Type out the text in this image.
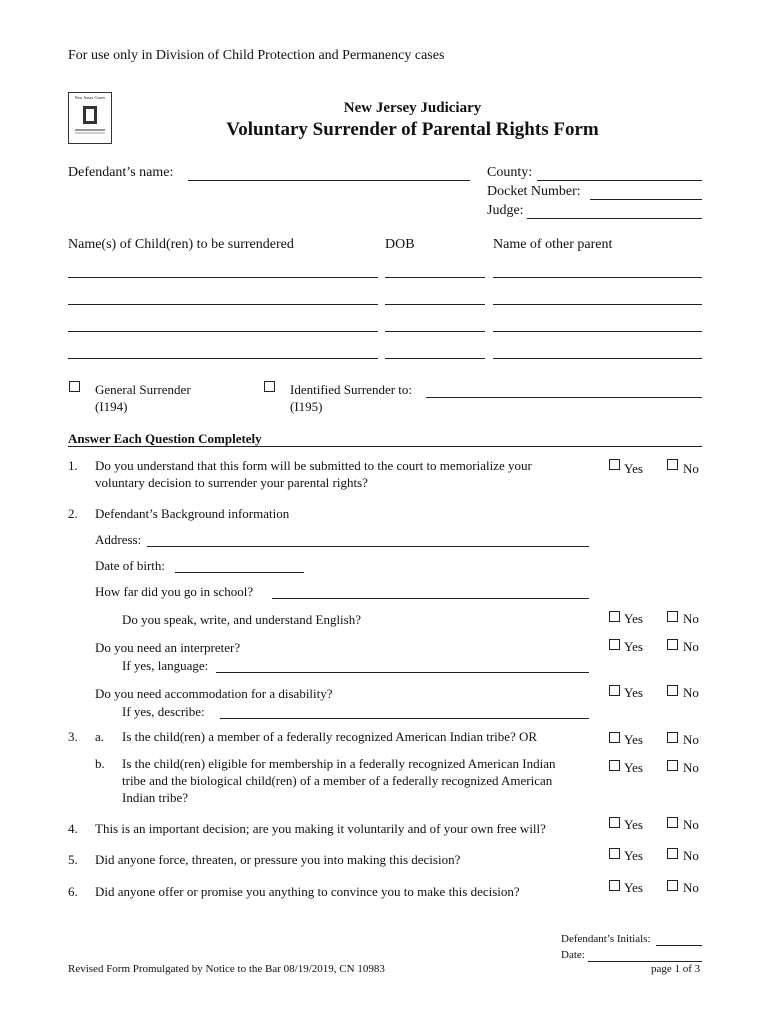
For use only in Division of Child Protection and Permanency cases
New Jersey Courts
New Jersey Judiciary
Voluntary Surrender of Parental Rights Form
Defendant’s name:	County:
Docket Number:
Judge:
Name(s) of Child(ren) to be surrendered	DOB	Name of other parent
General Surrender
(I194)
Identified Surrender to:
(I195)
Answer Each Question Completely
1. Do you understand that this form will be submitted to the court to memorialize your
voluntary decision to surrender your parental rights?
Yes	No
2. Defendant’s Background information
Address:
Date of birth:
How far did you go in school?
Do you speak, write, and understand English?	Yes	No
Do you need an interpreter?	Yes	No
If yes, language:
Do you need accommodation for a disability?	Yes	No
If yes, describe:
3. a. Is the child(ren) a member of a federally recognized American Indian tribe? OR	Yes	No
b. Is the child(ren) eligible for membership in a federally recognized American Indian
tribe and the biological child(ren) of a member of a federally recognized American
Indian tribe?
Yes	No
4. This is an important decision; are you making it voluntarily and of your own free will?	Yes	No
5. Did anyone force, threaten, or pressure you into making this decision?	Yes	No
6. Did anyone offer or promise you anything to convince you to make this decision?	Yes	No
Defendant’s Initials:
Date:
Revised Form Promulgated by Notice to the Bar 08/19/2019, CN 10983	page 1 of 3
